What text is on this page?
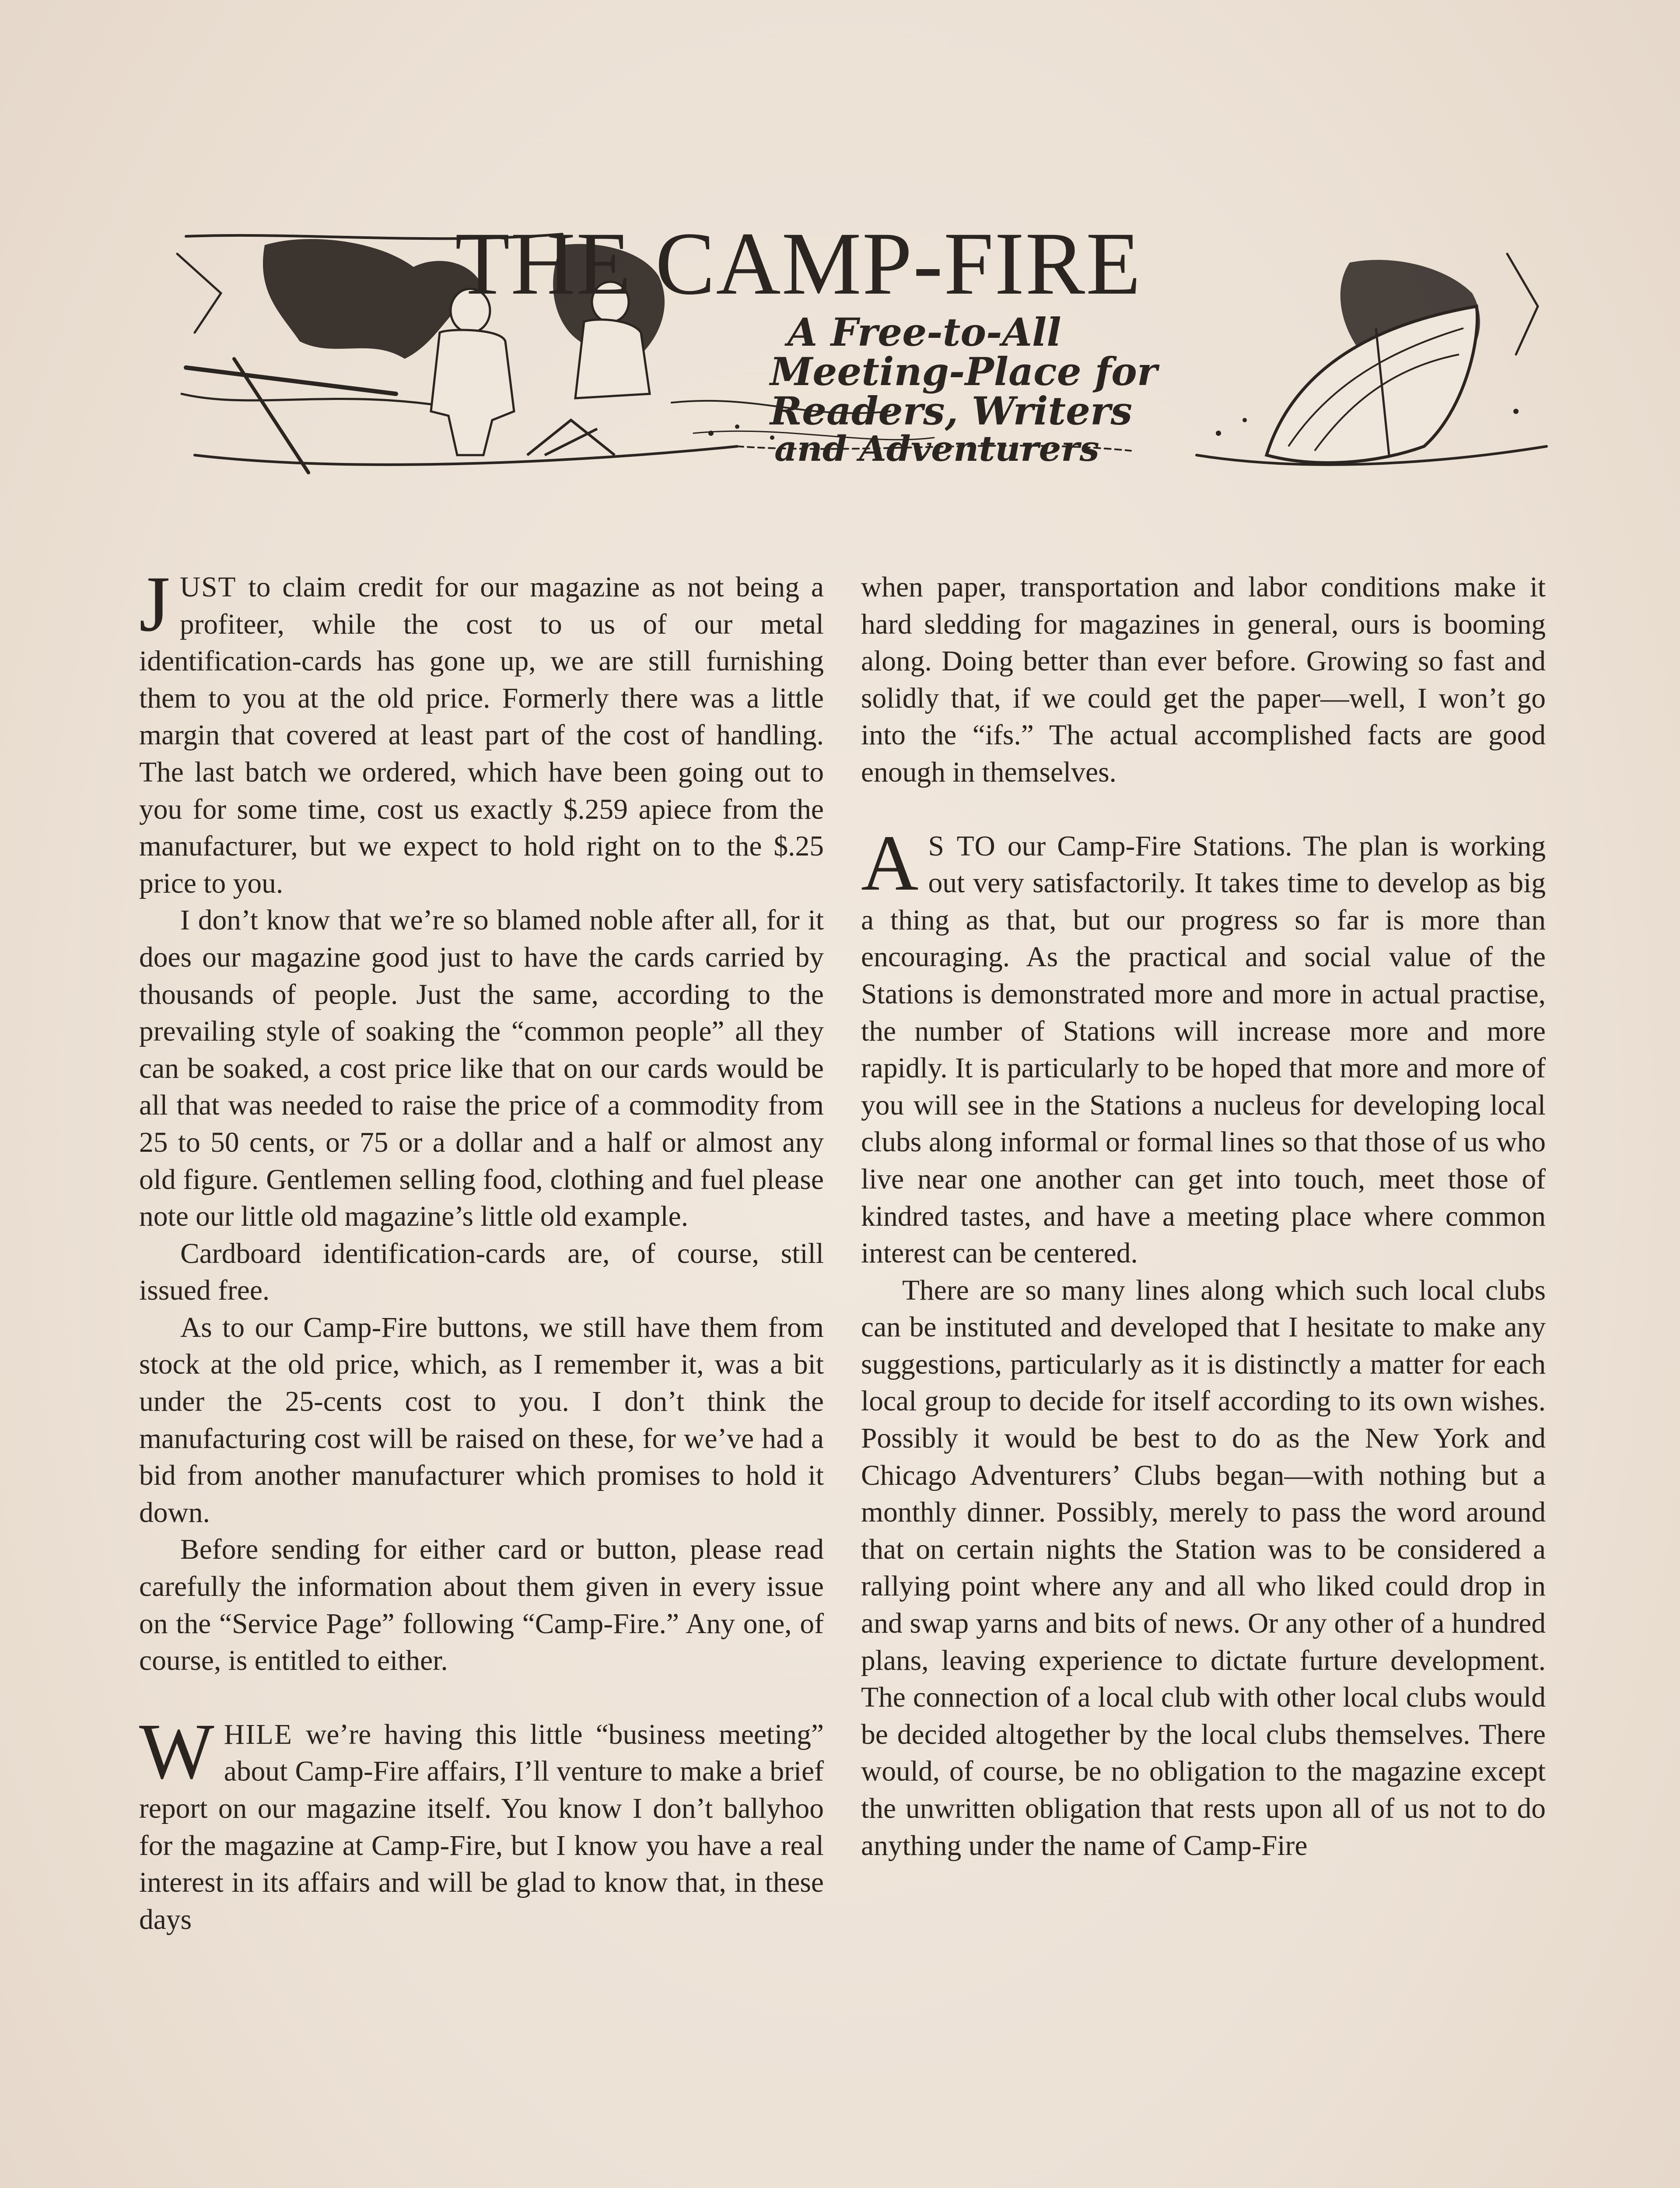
THE CAMP-FIRE
A Free-to-All
Meeting-Place for
Readers, Writers
and Adventurers

JUST to claim credit for our magazine as not being a profiteer, while the cost to us of our metal identification-cards has gone up, we are still furnishing them to you at the old price. Formerly there was a little margin that covered at least part of the cost of handling. The last batch we ordered, which have been going out to you for some time, cost us exactly $.259 apiece from the manufacturer, but we expect to hold right on to the $.25 price to you.

I don’t know that we’re so blamed noble after all, for it does our magazine good just to have the cards carried by thousands of people. Just the same, according to the prevailing style of soaking the “common people” all they can be soaked, a cost price like that on our cards would be all that was needed to raise the price of a commodity from 25 to 50 cents, or 75 or a dollar and a half or almost any old figure. Gentlemen selling food, clothing and fuel please note our little old magazine’s little old example.

Cardboard identification-cards are, of course, still issued free.

As to our Camp-Fire buttons, we still have them from stock at the old price, which, as I remember it, was a bit under the 25-cents cost to you. I don’t think the manufacturing cost will be raised on these, for we’ve had a bid from another manufacturer which promises to hold it down.

Before sending for either card or button, please read carefully the information about them given in every issue on the “Service Page” following “Camp-Fire.” Any one, of course, is entitled to either.

WHILE we’re having this little “business meeting” about Camp-Fire affairs, I’ll venture to make a brief report on our magazine itself. You know I don’t ballyhoo for the magazine at Camp-Fire, but I know you have a real interest in its affairs and will be glad to know that, in these days

when paper, transportation and labor conditions make it hard sledding for magazines in general, ours is booming along. Doing better than ever before. Growing so fast and solidly that, if we could get the paper—well, I won’t go into the “ifs.” The actual accomplished facts are good enough in themselves.

A S TO our Camp-Fire Stations. The plan is working out very satisfactorily. It takes time to develop as big a thing as that, but our progress so far is more than encouraging. As the practical and social value of the Stations is demonstrated more and more in actual practise, the number of Stations will increase more and more rapidly. It is particularly to be hoped that more and more of you will see in the Stations a nucleus for developing local clubs along informal or formal lines so that those of us who live near one another can get into touch, meet those of kindred tastes, and have a meeting place where common interest can be centered.

There are so many lines along which such local clubs can be instituted and developed that I hesitate to make any suggestions, particularly as it is distinctly a matter for each local group to decide for itself according to its own wishes. Possibly it would be best to do as the New York and Chicago Adventurers’ Clubs began—with nothing but a monthly dinner. Possibly, merely to pass the word around that on certain nights the Station was to be considered a rallying point where any and all who liked could drop in and swap yarns and bits of news. Or any other of a hundred plans, leaving experience to dictate furture development. The connection of a local club with other local clubs would be decided altogether by the local clubs themselves. There would, of course, be no obligation to the magazine except the unwritten obligation that rests upon all of us not to do anything under the name of Camp-Fire
